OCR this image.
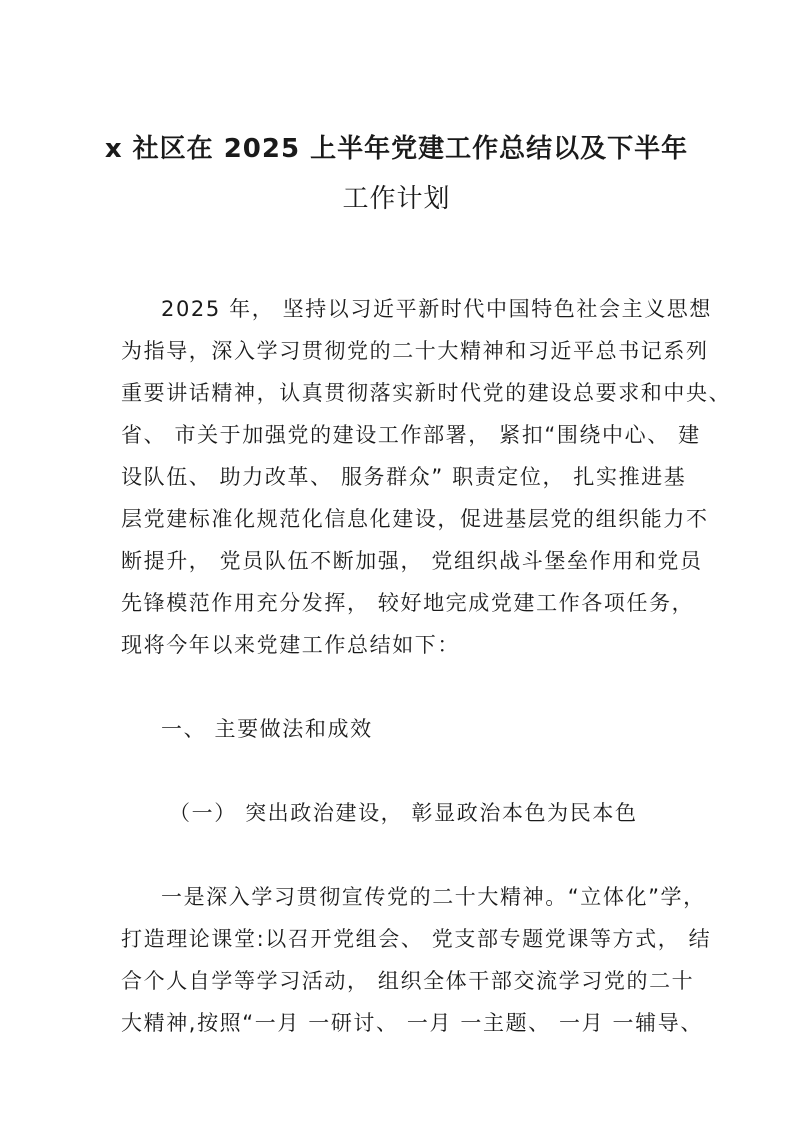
x 社区在 2025 上半年党建工作总结以及下半年
工作计划
2025 年， 坚持以习近平新时代中国特色社会主义思想
为指导，深入学习贯彻党的二十大精神和习近平总书记系列
重要讲话精神，认真贯彻落实新时代党的建设总要求和中央、
省、 市关于加强党的建设工作部署， 紧扣“围绕中心、 建
设队伍、 助力改革、 服务群众” 职责定位， 扎实推进基
层党建标准化规范化信息化建设，促进基层党的组织能力不
断提升， 党员队伍不断加强， 党组织战斗堡垒作用和党员
先锋模范作用充分发挥， 较好地完成党建工作各项任务，
现将今年以来党建工作总结如下：
一、 主要做法和成效
（一） 突出政治建设， 彰显政治本色为民本色
一是深入学习贯彻宣传党的二十大精神。“立体化”学，
打造理论课堂:以召开党组会、 党支部专题党课等方式， 结
合个人自学等学习活动， 组织全体干部交流学习党的二十
大精神,按照“一月 一研讨、 一月 一主题、 一月 一辅导、
